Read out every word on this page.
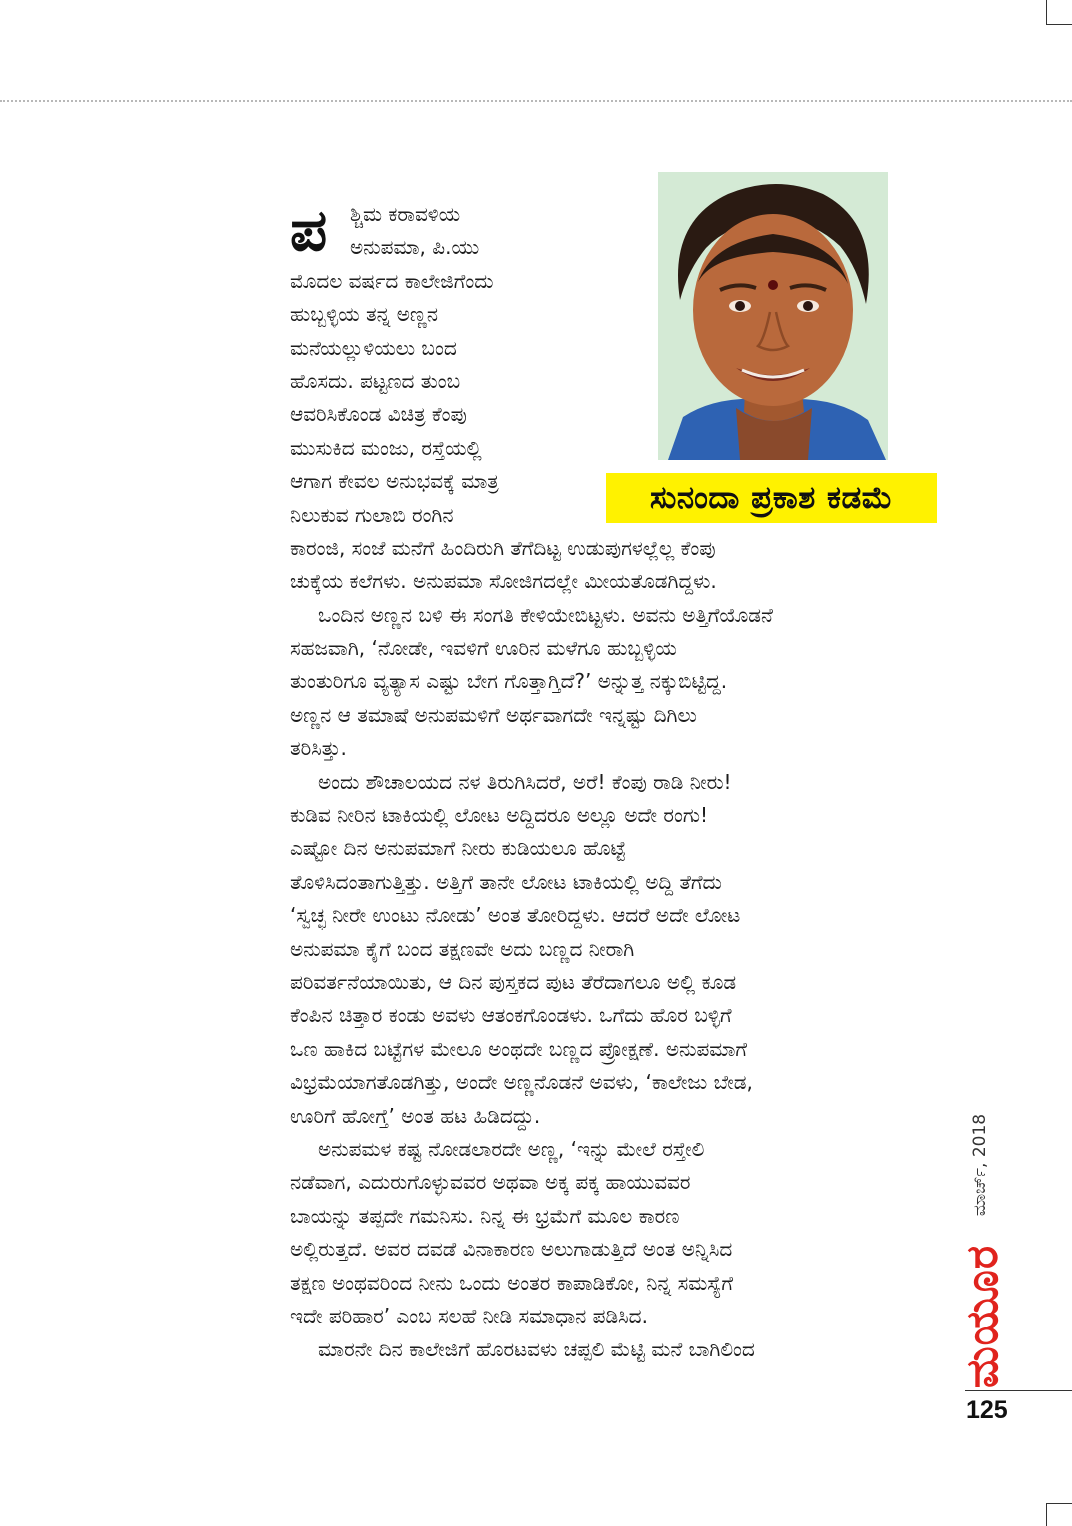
ಸುನಂದಾ ಪ್ರಕಾಶ ಕಡಮೆ
ಪ	ಶ್ಚಿಮ ಕರಾವಳಿಯ
ಅನುಪಮಾ, ಪಿ.ಯು
ಮೊದಲ ವರ್ಷದ ಕಾಲೇಜಿಗೆಂದು
ಹುಬ್ಬಳ್ಳಿಯ ತನ್ನ ಅಣ್ಣನ
ಮನೆಯಲ್ಲುಳಿಯಲು ಬಂದ
ಹೊಸದು. ಪಟ್ಟಣದ ತುಂಬ
ಆವರಿಸಿಕೊಂಡ ವಿಚಿತ್ರ ಕೆಂಪು
ಮುಸುಕಿದ ಮಂಜು, ರಸ್ತೆಯಲ್ಲಿ
ಆಗಾಗ ಕೇವಲ ಅನುಭವಕ್ಕೆ ಮಾತ್ರ
ನಿಲುಕುವ ಗುಲಾಬಿ ರಂಗಿನ
ಕಾರಂಜಿ, ಸಂಜೆ ಮನೆಗೆ ಹಿಂದಿರುಗಿ ತೆಗೆದಿಟ್ಟ ಉಡುಪುಗಳಲ್ಲೆಲ್ಲ ಕೆಂಪು
ಚುಕ್ಕೆಯ ಕಲೆಗಳು. ಅನುಪಮಾ ಸೋಜಿಗದಲ್ಲೇ ಮೀಯತೊಡಗಿದ್ದಳು.
ಒಂದಿನ ಅಣ್ಣನ ಬಳಿ ಈ ಸಂಗತಿ ಕೇಳಿಯೇಬಿಟ್ಟಳು. ಅವನು ಅತ್ತಿಗೆಯೊಡನೆ
ಸಹಜವಾಗಿ, ‘ನೋಡೇ, ಇವಳಿಗೆ ಊರಿನ ಮಳೆಗೂ ಹುಬ್ಬಳ್ಳಿಯ
ತುಂತುರಿಗೂ ವ್ಯತ್ಯಾಸ ಎಷ್ಟು ಬೇಗ ಗೊತ್ತಾಗ್ತಿದೆ?’ ಅನ್ನುತ್ತ ನಕ್ಕುಬಿಟ್ಟಿದ್ದ.
ಅಣ್ಣನ ಆ ತಮಾಷೆ ಅನುಪಮಳಿಗೆ ಅರ್ಥವಾಗದೇ ಇನ್ನಷ್ಟು ದಿಗಿಲು
ತರಿಸಿತ್ತು.
ಅಂದು ಶೌಚಾಲಯದ ನಳ ತಿರುಗಿಸಿದರೆ, ಅರೆ! ಕೆಂಪು ರಾಡಿ ನೀರು!
ಕುಡಿವ ನೀರಿನ ಟಾಕಿಯಲ್ಲಿ ಲೋಟ ಅದ್ದಿದರೂ ಅಲ್ಲೂ ಅದೇ ರಂಗು!
ಎಷ್ಟೋ ದಿನ ಅನುಪಮಾಗೆ ನೀರು ಕುಡಿಯಲೂ ಹೊಟ್ಟೆ
ತೊಳಿಸಿದಂತಾಗುತ್ತಿತ್ತು. ಅತ್ತಿಗೆ ತಾನೇ ಲೋಟ ಟಾಕಿಯಲ್ಲಿ ಅದ್ದಿ ತೆಗೆದು
‘ಸ್ವಚ್ಛ ನೀರೇ ಉಂಟು ನೋಡು’ ಅಂತ ತೋರಿದ್ದಳು. ಆದರೆ ಅದೇ ಲೋಟ
ಅನುಪಮಾ ಕೈಗೆ ಬಂದ ತಕ್ಷಣವೇ ಅದು ಬಣ್ಣದ ನೀರಾಗಿ
ಪರಿವರ್ತನೆಯಾಯಿತು, ಆ ದಿನ ಪುಸ್ತಕದ ಪುಟ ತೆರೆದಾಗಲೂ ಅಲ್ಲಿ ಕೂಡ
ಕೆಂಪಿನ ಚಿತ್ತಾರ ಕಂಡು ಅವಳು ಆತಂಕಗೊಂಡಳು. ಒಗೆದು ಹೊರ ಬಳ್ಳಿಗೆ
ಒಣ ಹಾಕಿದ ಬಟ್ಟೆಗಳ ಮೇಲೂ ಅಂಥದೇ ಬಣ್ಣದ ಪ್ರೋಕ್ಷಣೆ. ಅನುಪಮಾಗೆ
ವಿಭ್ರಮೆಯಾಗತೊಡಗಿತ್ತು, ಅಂದೇ ಅಣ್ಣನೊಡನೆ ಅವಳು, ‘ಕಾಲೇಜು ಬೇಡ,
ಊರಿಗೆ ಹೋಗ್ತೆ’ ಅಂತ ಹಟ ಹಿಡಿದದ್ದು.
ಅನುಪಮಳ ಕಷ್ಟ ನೋಡಲಾರದೇ ಅಣ್ಣ, ‘ಇನ್ನು ಮೇಲೆ ರಸ್ತೇಲಿ
ನಡೆವಾಗ, ಎದುರುಗೊಳ್ಳುವವರ ಅಥವಾ ಅಕ್ಕ ಪಕ್ಕ ಹಾಯುವವರ
ಬಾಯನ್ನು ತಪ್ಪದೇ ಗಮನಿಸು. ನಿನ್ನ ಈ ಭ್ರಮೆಗೆ ಮೂಲ ಕಾರಣ
ಅಲ್ಲಿರುತ್ತದೆ. ಅವರ ದವಡೆ ವಿನಾಕಾರಣ ಅಲುಗಾಡುತ್ತಿದೆ ಅಂತ ಅನ್ನಿಸಿದ
ತಕ್ಷಣ ಅಂಥವರಿಂದ ನೀನು ಒಂದು ಅಂತರ ಕಾಪಾಡಿಕೋ, ನಿನ್ನ ಸಮಸ್ಯೆಗೆ
ಇದೇ ಪರಿಹಾರ’ ಎಂಬ ಸಲಹೆ ನೀಡಿ ಸಮಾಧಾನ ಪಡಿಸಿದ.
ಮಾರನೇ ದಿನ ಕಾಲೇಜಿಗೆ ಹೊರಟವಳು ಚಪ್ಪಲಿ ಮೆಟ್ಟಿ ಮನೆ ಬಾಗಿಲಿಂದ
ಮಾರ್ಚ್, 2018
ಮಯೂರ
125
